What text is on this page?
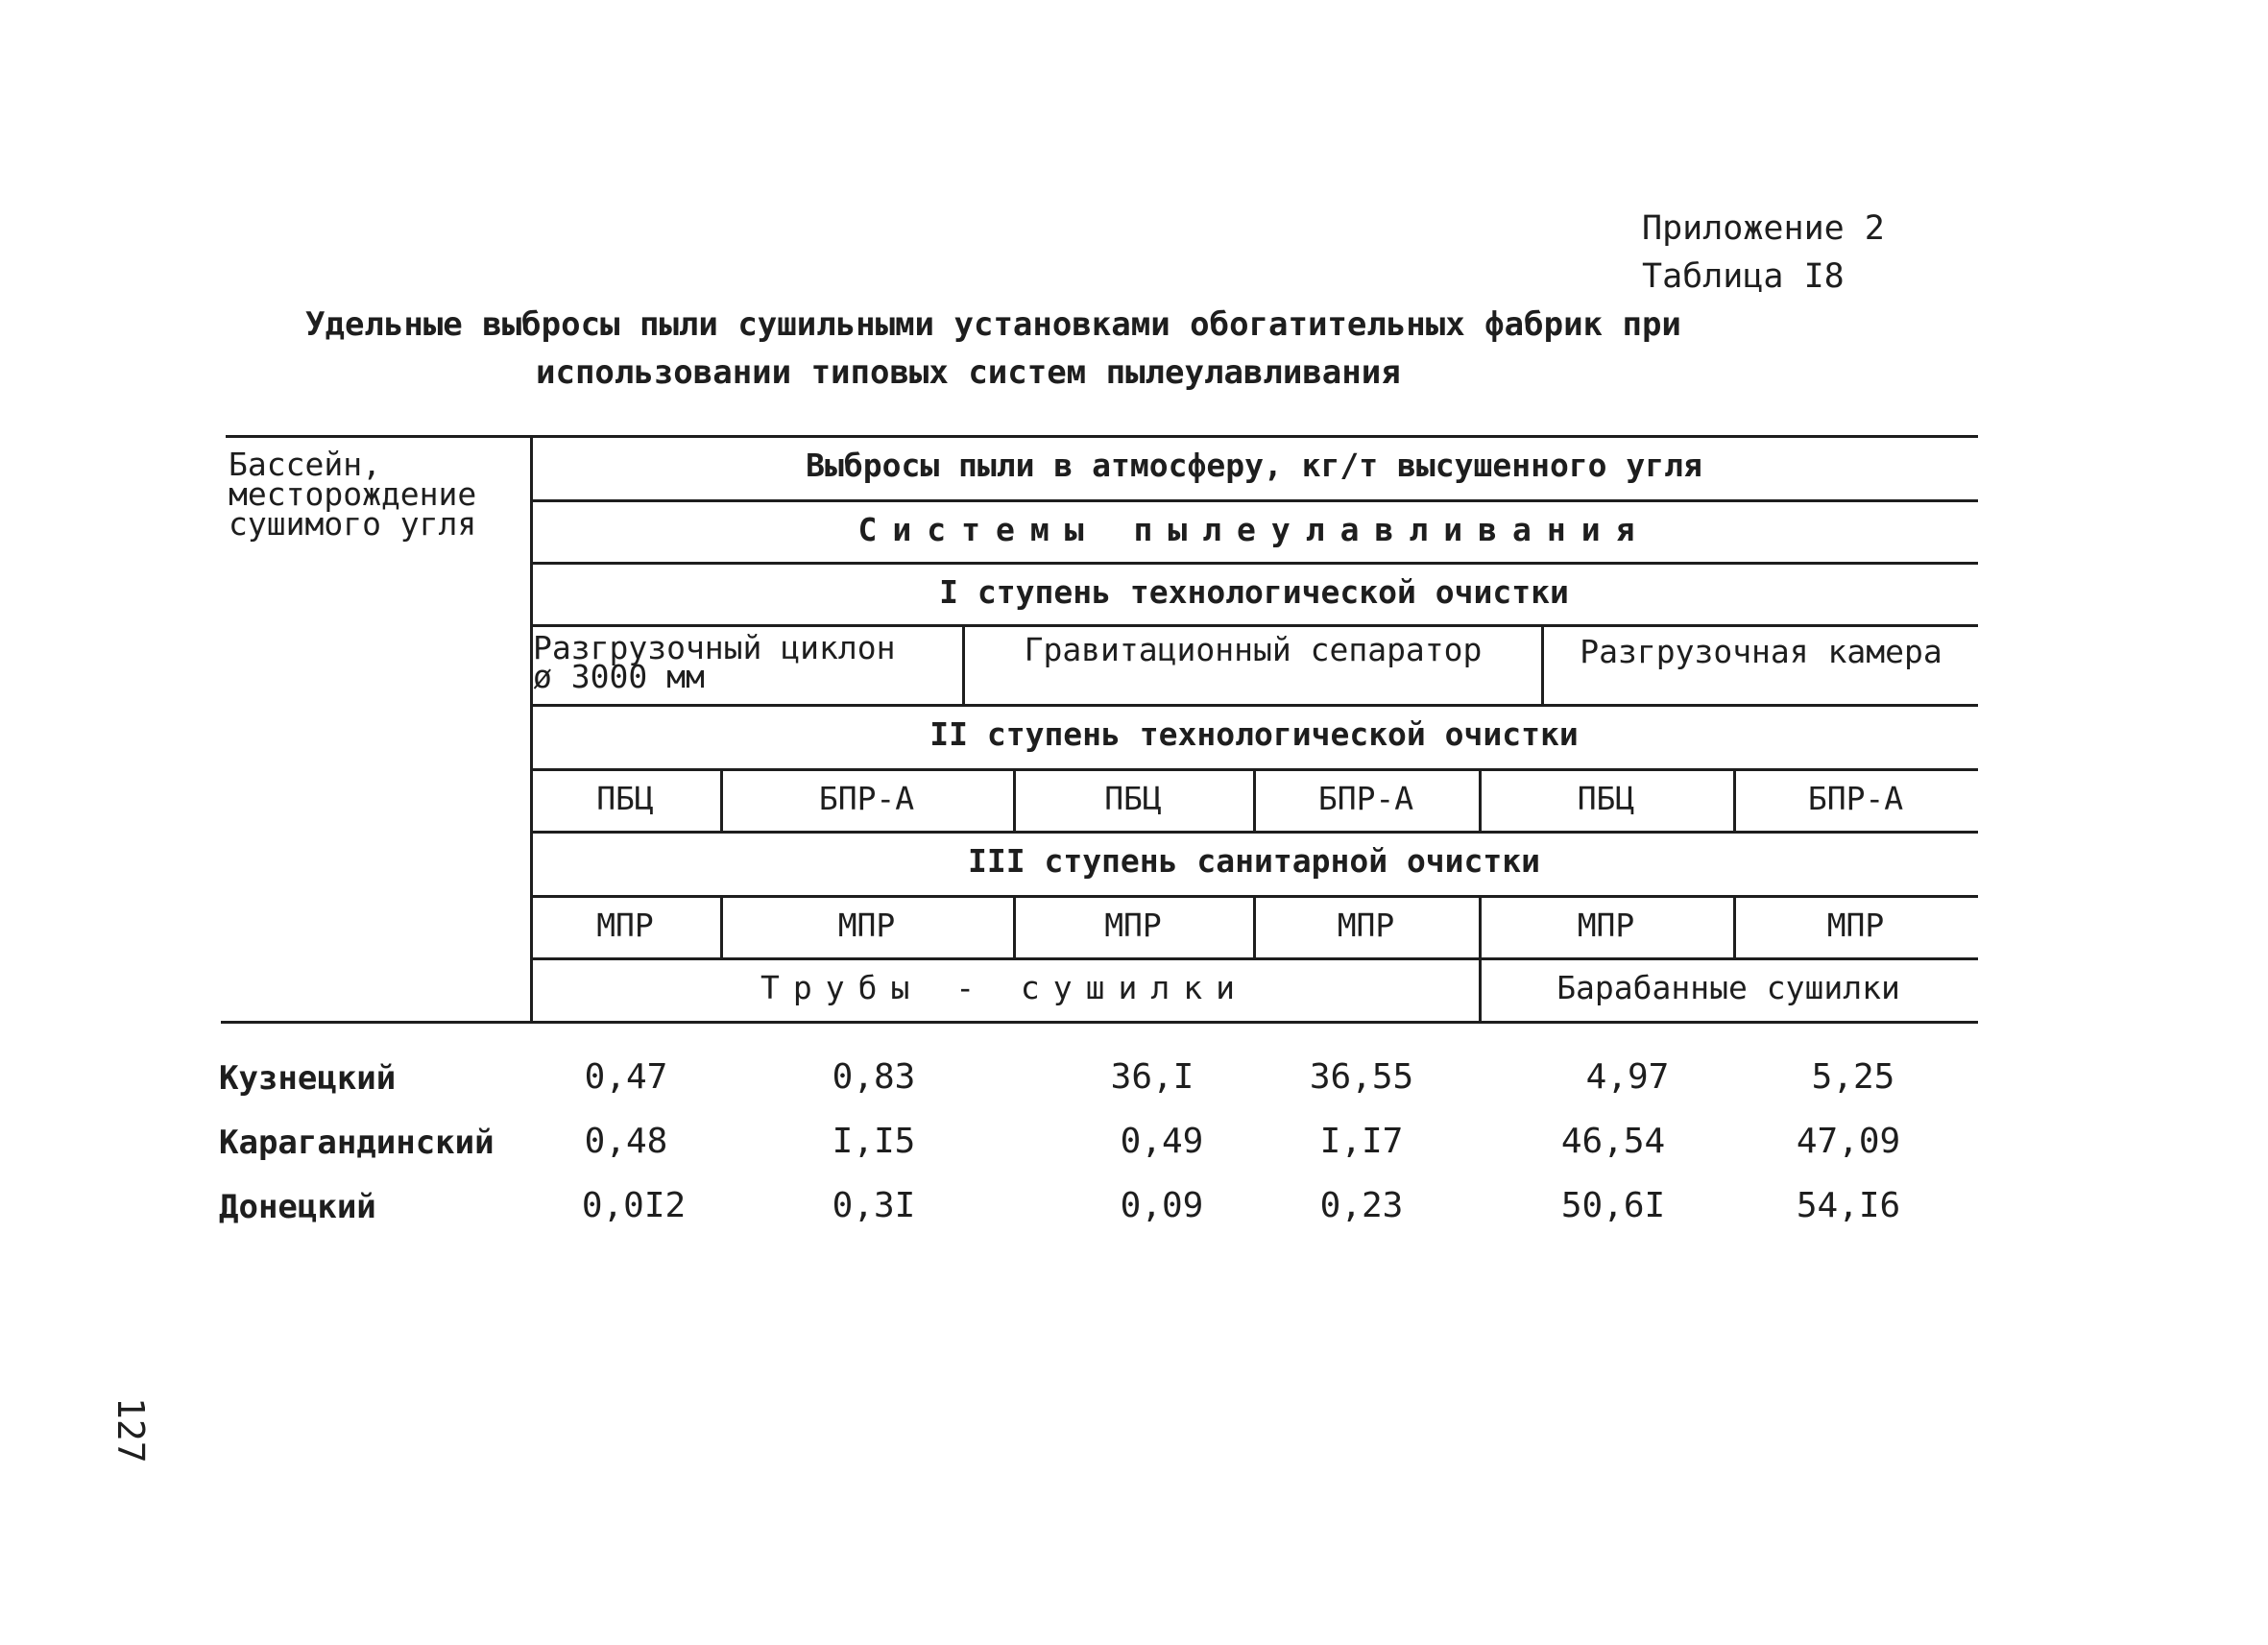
Приложение 2
Таблица I8
Удельные выбросы пыли сушильными установками обогатительных фабрик при
использовании типовых систем пылеулавливания
Бассейн,
месторождение
сушимого угля
Выбросы пыли в атмосферу, кг/т высушенного угля
Системы пылеулавливания
I ступень технологической очистки
Разгрузочный циклон
ø 3000 мм
Гравитационный сепаратор	Разгрузочная камера
II ступень технологической очистки
ПБЦ	БПР-А	ПБЦ	БПР-А	ПБЦ	БПР-А
III ступень санитарной очистки
МПР	МПР	МПР	МПР	МПР	МПР
Трубы - сушилки	Барабанные сушилки
Кузнецкий	0,47	0,83	36,I	36,55	4,97	5,25
Карагандинский	0,48	I,I5	0,49	I,I7	46,54	47,09
Донецкий	0,0I2	0,3I	0,09	0,23	50,6I	54,I6
127
